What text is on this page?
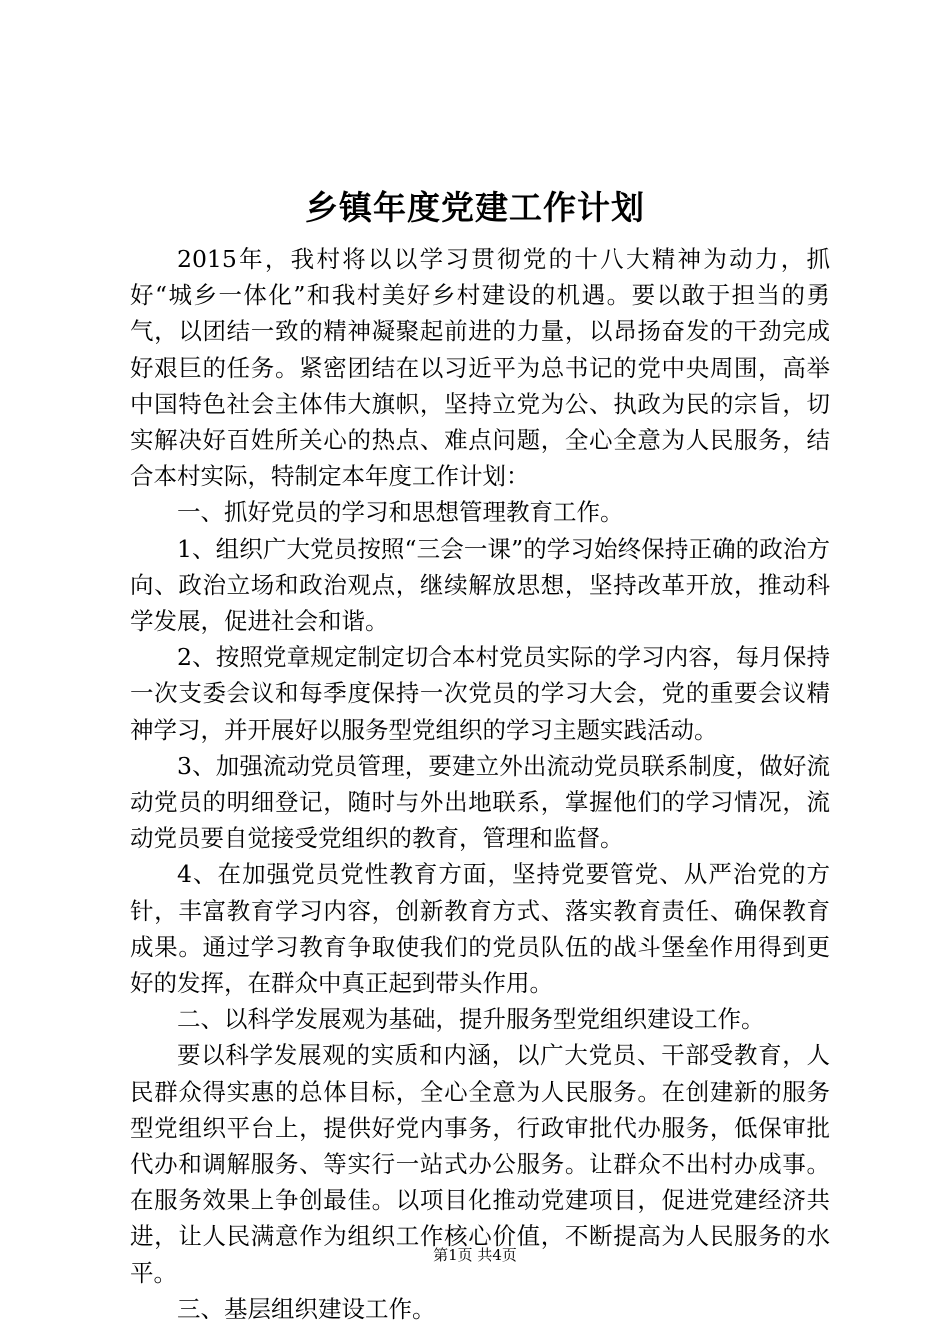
乡镇年度党建工作计划

2015年，我村将以以学习贯彻党的十八大精神为动力，抓好“城乡一体化”和我村美好乡村建设的机遇。要以敢于担当的勇气，以团结一致的精神凝聚起前进的力量，以昂扬奋发的干劲完成好艰巨的任务。紧密团结在以习近平为总书记的党中央周围，高举中国特色社会主体伟大旗帜，坚持立党为公、执政为民的宗旨，切实解决好百姓所关心的热点、难点问题，全心全意为人民服务，结合本村实际，特制定本年度工作计划：

一、抓好党员的学习和思想管理教育工作。

1、组织广大党员按照“三会一课”的学习始终保持正确的政治方向、政治立场和政治观点，继续解放思想，坚持改革开放，推动科学发展，促进社会和谐。

2、按照党章规定制定切合本村党员实际的学习内容，每月保持一次支委会议和每季度保持一次党员的学习大会，党的重要会议精神学习，并开展好以服务型党组织的学习主题实践活动。

3、加强流动党员管理，要建立外出流动党员联系制度，做好流动党员的明细登记，随时与外出地联系，掌握他们的学习情况，流动党员要自觉接受党组织的教育，管理和监督。

4、在加强党员党性教育方面，坚持党要管党、从严治党的方针，丰富教育学习内容，创新教育方式、落实教育责任、确保教育成果。通过学习教育争取使我们的党员队伍的战斗堡垒作用得到更好的发挥，在群众中真正起到带头作用。

二、以科学发展观为基础，提升服务型党组织建设工作。

要以科学发展观的实质和内涵，以广大党员、干部受教育，人民群众得实惠的总体目标，全心全意为人民服务。在创建新的服务型党组织平台上，提供好党内事务，行政审批代办服务，低保审批代办和调解服务、等实行一站式办公服务。让群众不出村办成事。在服务效果上争创最佳。以项目化推动党建项目，促进党建经济共进，让人民满意作为组织工作核心价值，不断提高为人民服务的水平。

三、基层组织建设工作。

第1页 共4页
